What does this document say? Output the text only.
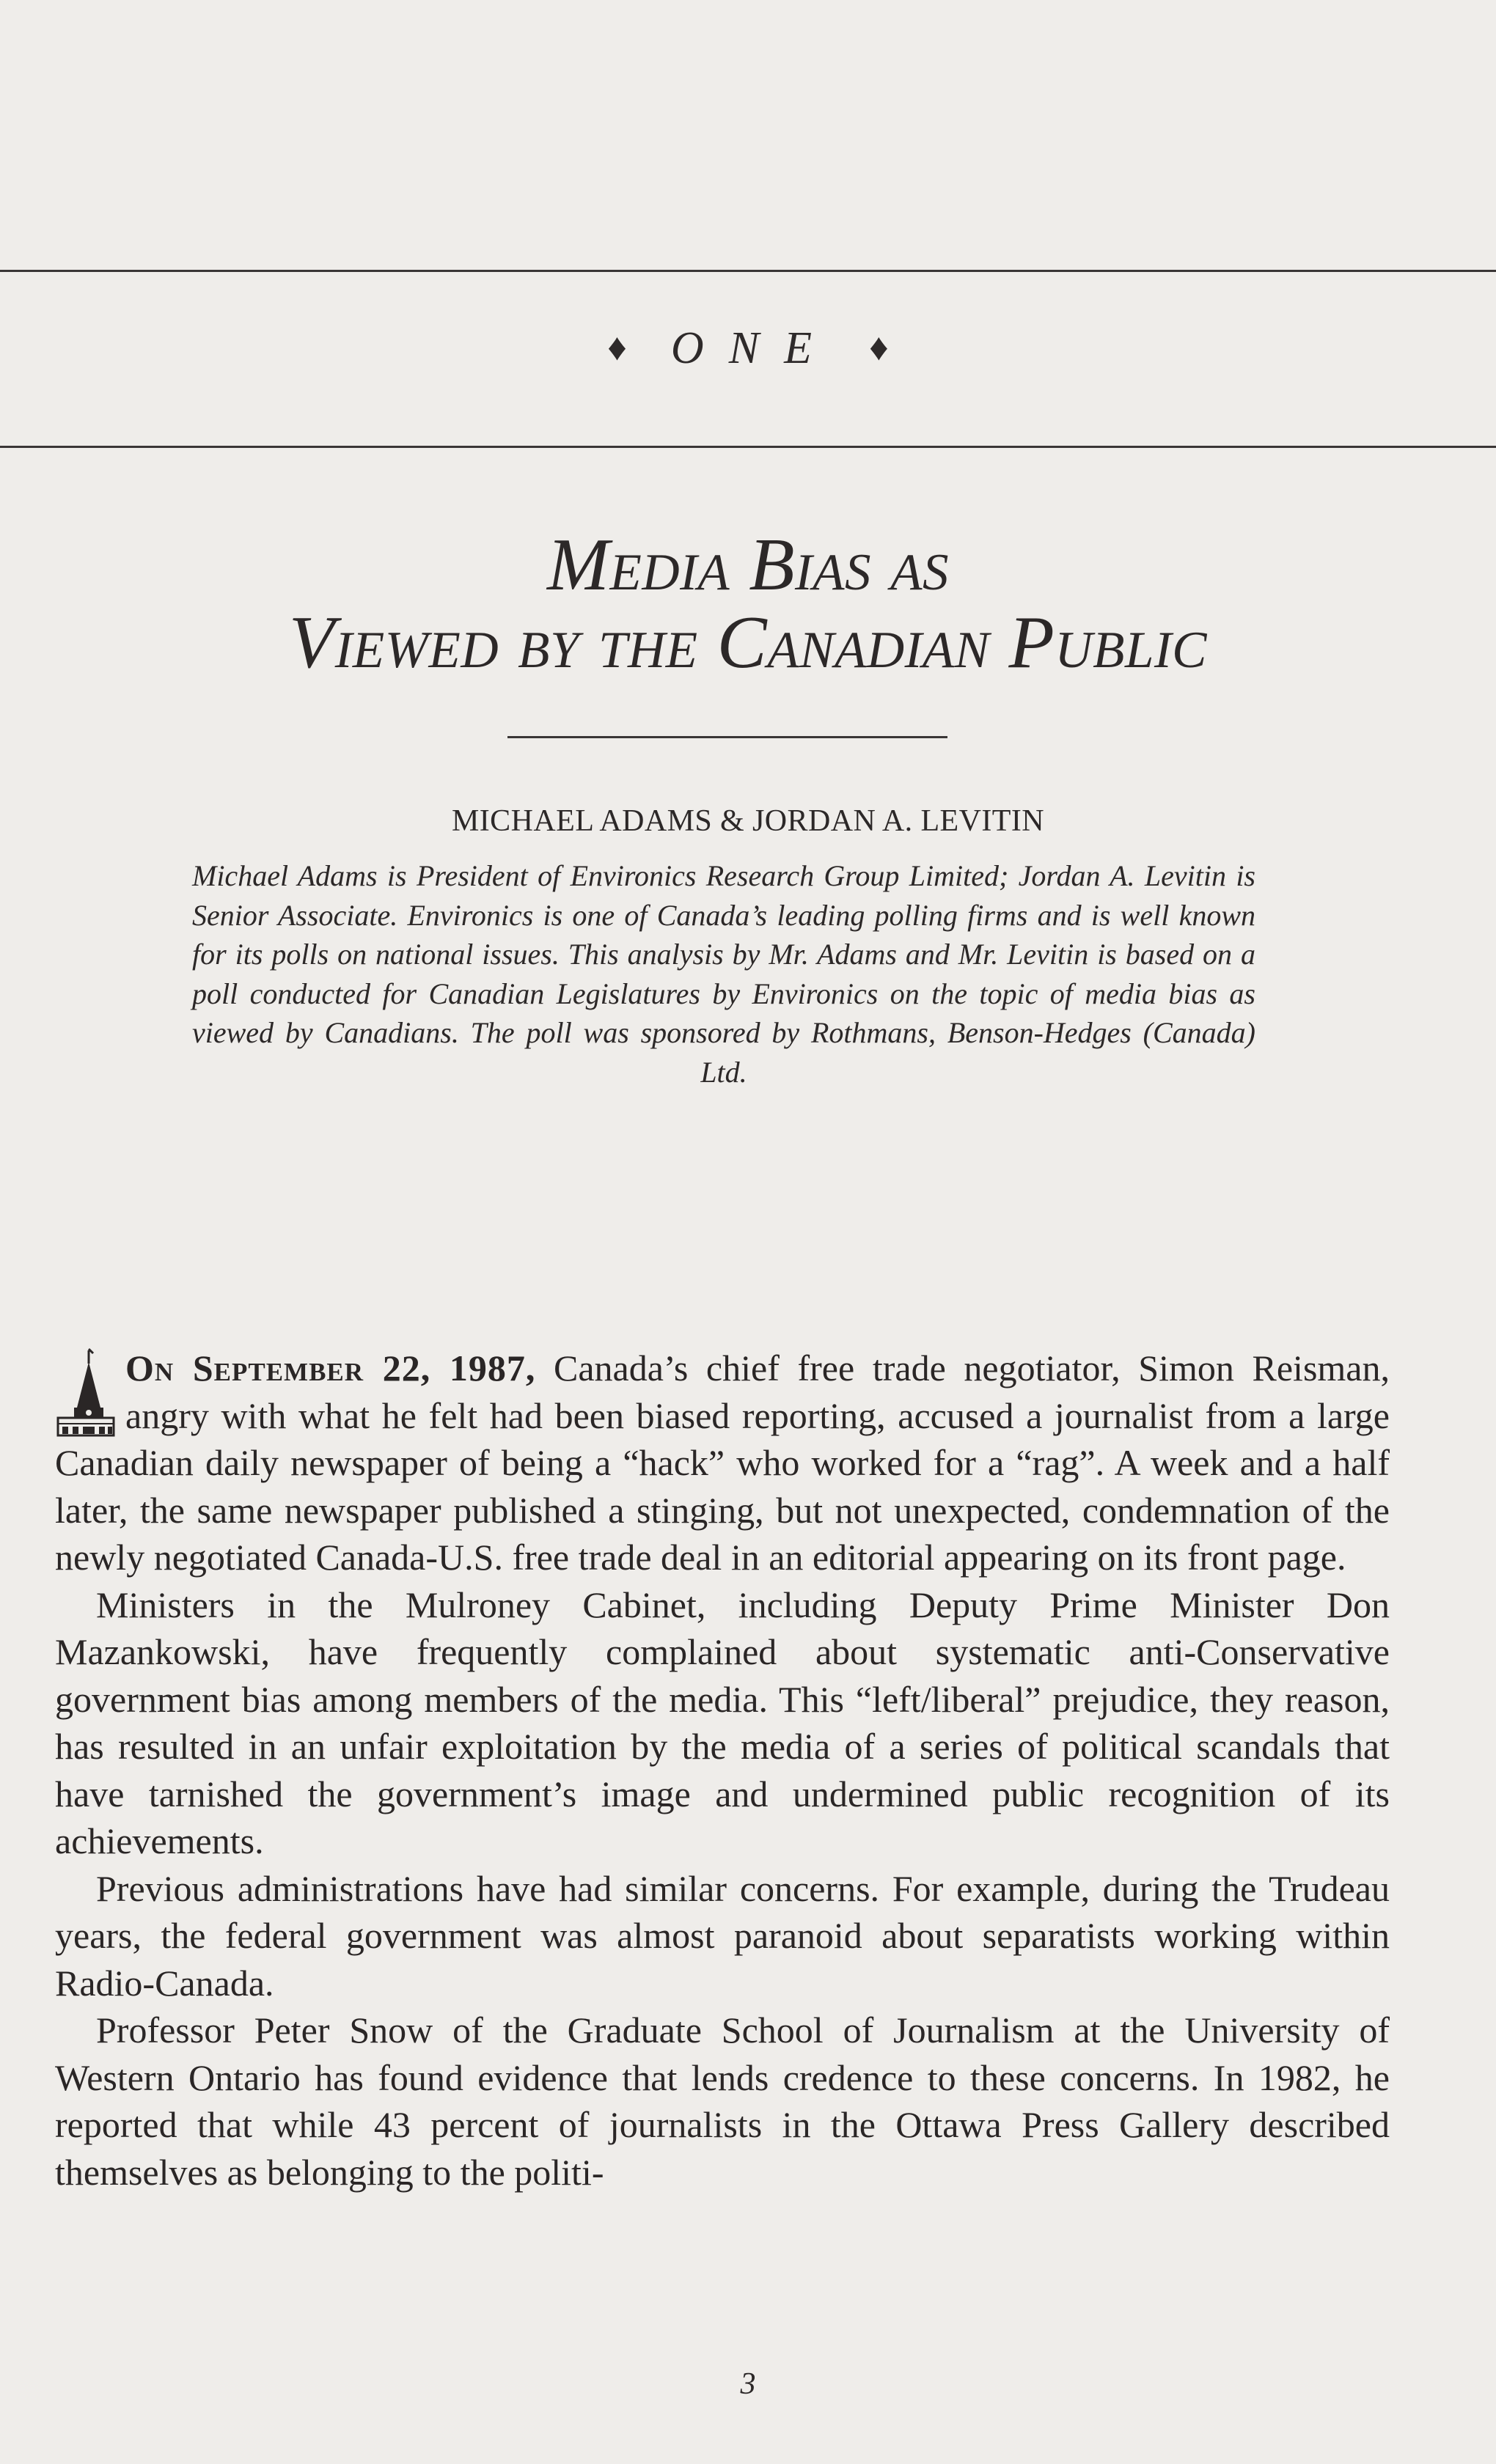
♦ ONE ♦
Media Bias as
Viewed by the Canadian Public
MICHAEL ADAMS & JORDAN A. LEVITIN
Michael Adams is President of Environics Research Group Limited; Jordan A. Levitin is Senior Associate. Environics is one of Canada’s leading polling firms and is well known for its polls on national issues. This analysis by Mr. Adams and Mr. Levitin is based on a poll conducted for Canadian Legislatures by Environics on the topic of media bias as viewed by Canadians. The poll was sponsored by Rothmans, Benson-Hedges (Canada) Ltd.

On September 22, 1987, Canada’s chief free trade negotiator, Simon Reisman, angry with what he felt had been biased reporting, accused a journalist from a large Canadian daily newspaper of being a “hack” who worked for a “rag”. A week and a half later, the same newspaper published a stinging, but not unexpected, condemnation of the newly negotiated Canada-U.S. free trade deal in an editorial appearing on its front page.

Ministers in the Mulroney Cabinet, including Deputy Prime Minister Don Mazankowski, have frequently complained about systematic anti-Conservative government bias among members of the media. This “left/liberal” prejudice, they reason, has resulted in an unfair exploitation by the media of a series of political scandals that have tarnished the government’s image and undermined public recognition of its achievements.

Previous administrations have had similar concerns. For example, during the Trudeau years, the federal government was almost paranoid about separatists working within Radio-Canada.

Professor Peter Snow of the Graduate School of Journalism at the University of Western Ontario has found evidence that lends credence to these concerns. In 1982, he reported that while 43 percent of journalists in the Ottawa Press Gallery described themselves as belonging to the politi-

3
